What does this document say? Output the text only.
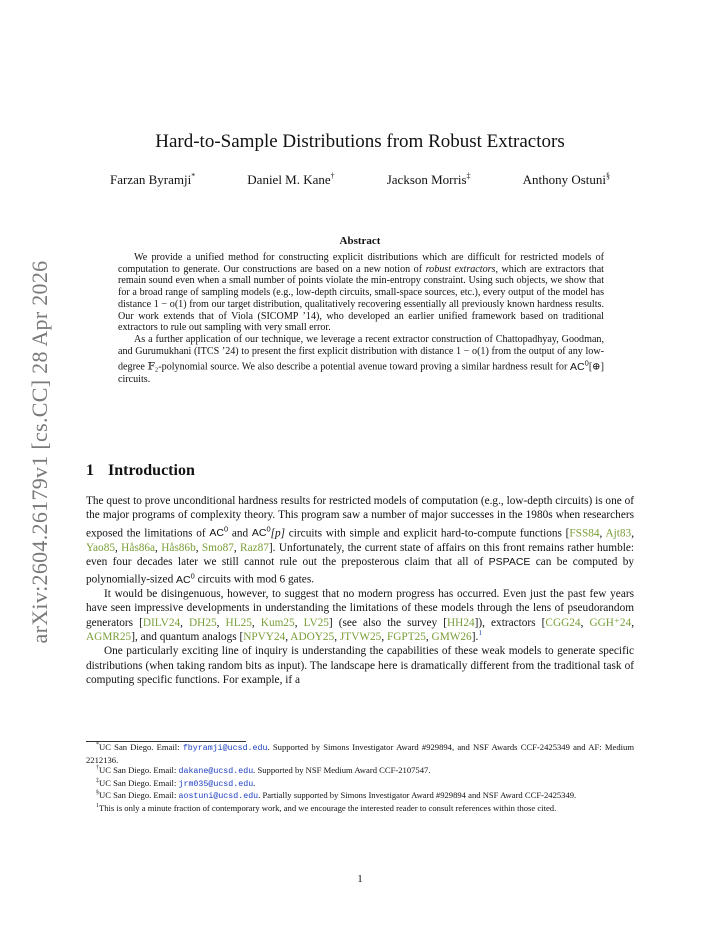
arXiv:2604.26179v1 [cs.CC] 28 Apr 2026
Hard-to-Sample Distributions from Robust Extractors
Farzan Byramji*	Daniel M. Kane†	Jackson Morris‡	Anthony Ostuni§
Abstract

We provide a unified method for constructing explicit distributions which are difficult for restricted models of computation to generate. Our constructions are based on a new notion of robust extractors, which are extractors that remain sound even when a small number of points violate the min-entropy constraint. Using such objects, we show that for a broad range of sampling models (e.g., low-depth circuits, small-space sources, etc.), every output of the model has distance 1 − o(1) from our target distribution, qualitatively recovering essentially all previously known hardness results. Our work extends that of Viola (SICOMP ’14), who developed an earlier unified framework based on traditional extractors to rule out sampling with very small error.

As a further application of our technique, we leverage a recent extractor construction of Chattopadhyay, Goodman, and Gurumukhani (ITCS ’24) to present the first explicit distribution with distance 1 − o(1) from the output of any low-degree 𝔽₂-polynomial source. We also describe a potential avenue toward proving a similar hardness result for $AC^0[\oplus]$ circuits.

1 Introduction

The quest to prove unconditional hardness results for restricted models of computation (e.g., low-depth circuits) is one of the major programs of complexity theory. This program saw a number of major successes in the 1980s when researchers exposed the limitations of $AC^0$ and $AC^0[p]$ circuits with simple and explicit hard-to-compute functions [FSS84, Ajt83, Yao85, Hås86a, Hås86b, Smo87, Raz87]. Unfortunately, the current state of affairs on this front remains rather humble: even four decades later we still cannot rule out the preposterous claim that all of PSPACE can be computed by polynomially-sized $AC^0$ circuits with mod 6 gates.

It would be disingenuous, however, to suggest that no modern progress has occurred. Even just the past few years have seen impressive developments in understanding the limitations of these models through the lens of pseudorandom generators [DILV24, DH25, HL25, Kum25, LV25] (see also the survey [HH24]), extractors [CGG24, GGH⁺24, AGMR25], and quantum analogs [NPVY24, ADOY25, JTVW25, FGPT25, GMW26].$^1$

One particularly exciting line of inquiry is understanding the capabilities of these weak models to generate specific distributions (when taking random bits as input). The landscape here is dramatically different from the traditional task of computing specific functions. For example, if a

*UC San Diego. Email: fbyramji@ucsd.edu. Supported by Simons Investigator Award #929894, and NSF Awards CCF-2425349 and AF: Medium 2212136.

†UC San Diego. Email: dakane@ucsd.edu. Supported by NSF Medium Award CCF-2107547.

‡UC San Diego. Email: jrm035@ucsd.edu.

§UC San Diego. Email: aostuni@ucsd.edu. Partially supported by Simons Investigator Award #929894 and NSF Award CCF-2425349.

$^1$This is only a minute fraction of contemporary work, and we encourage the interested reader to consult references within those cited.

1
